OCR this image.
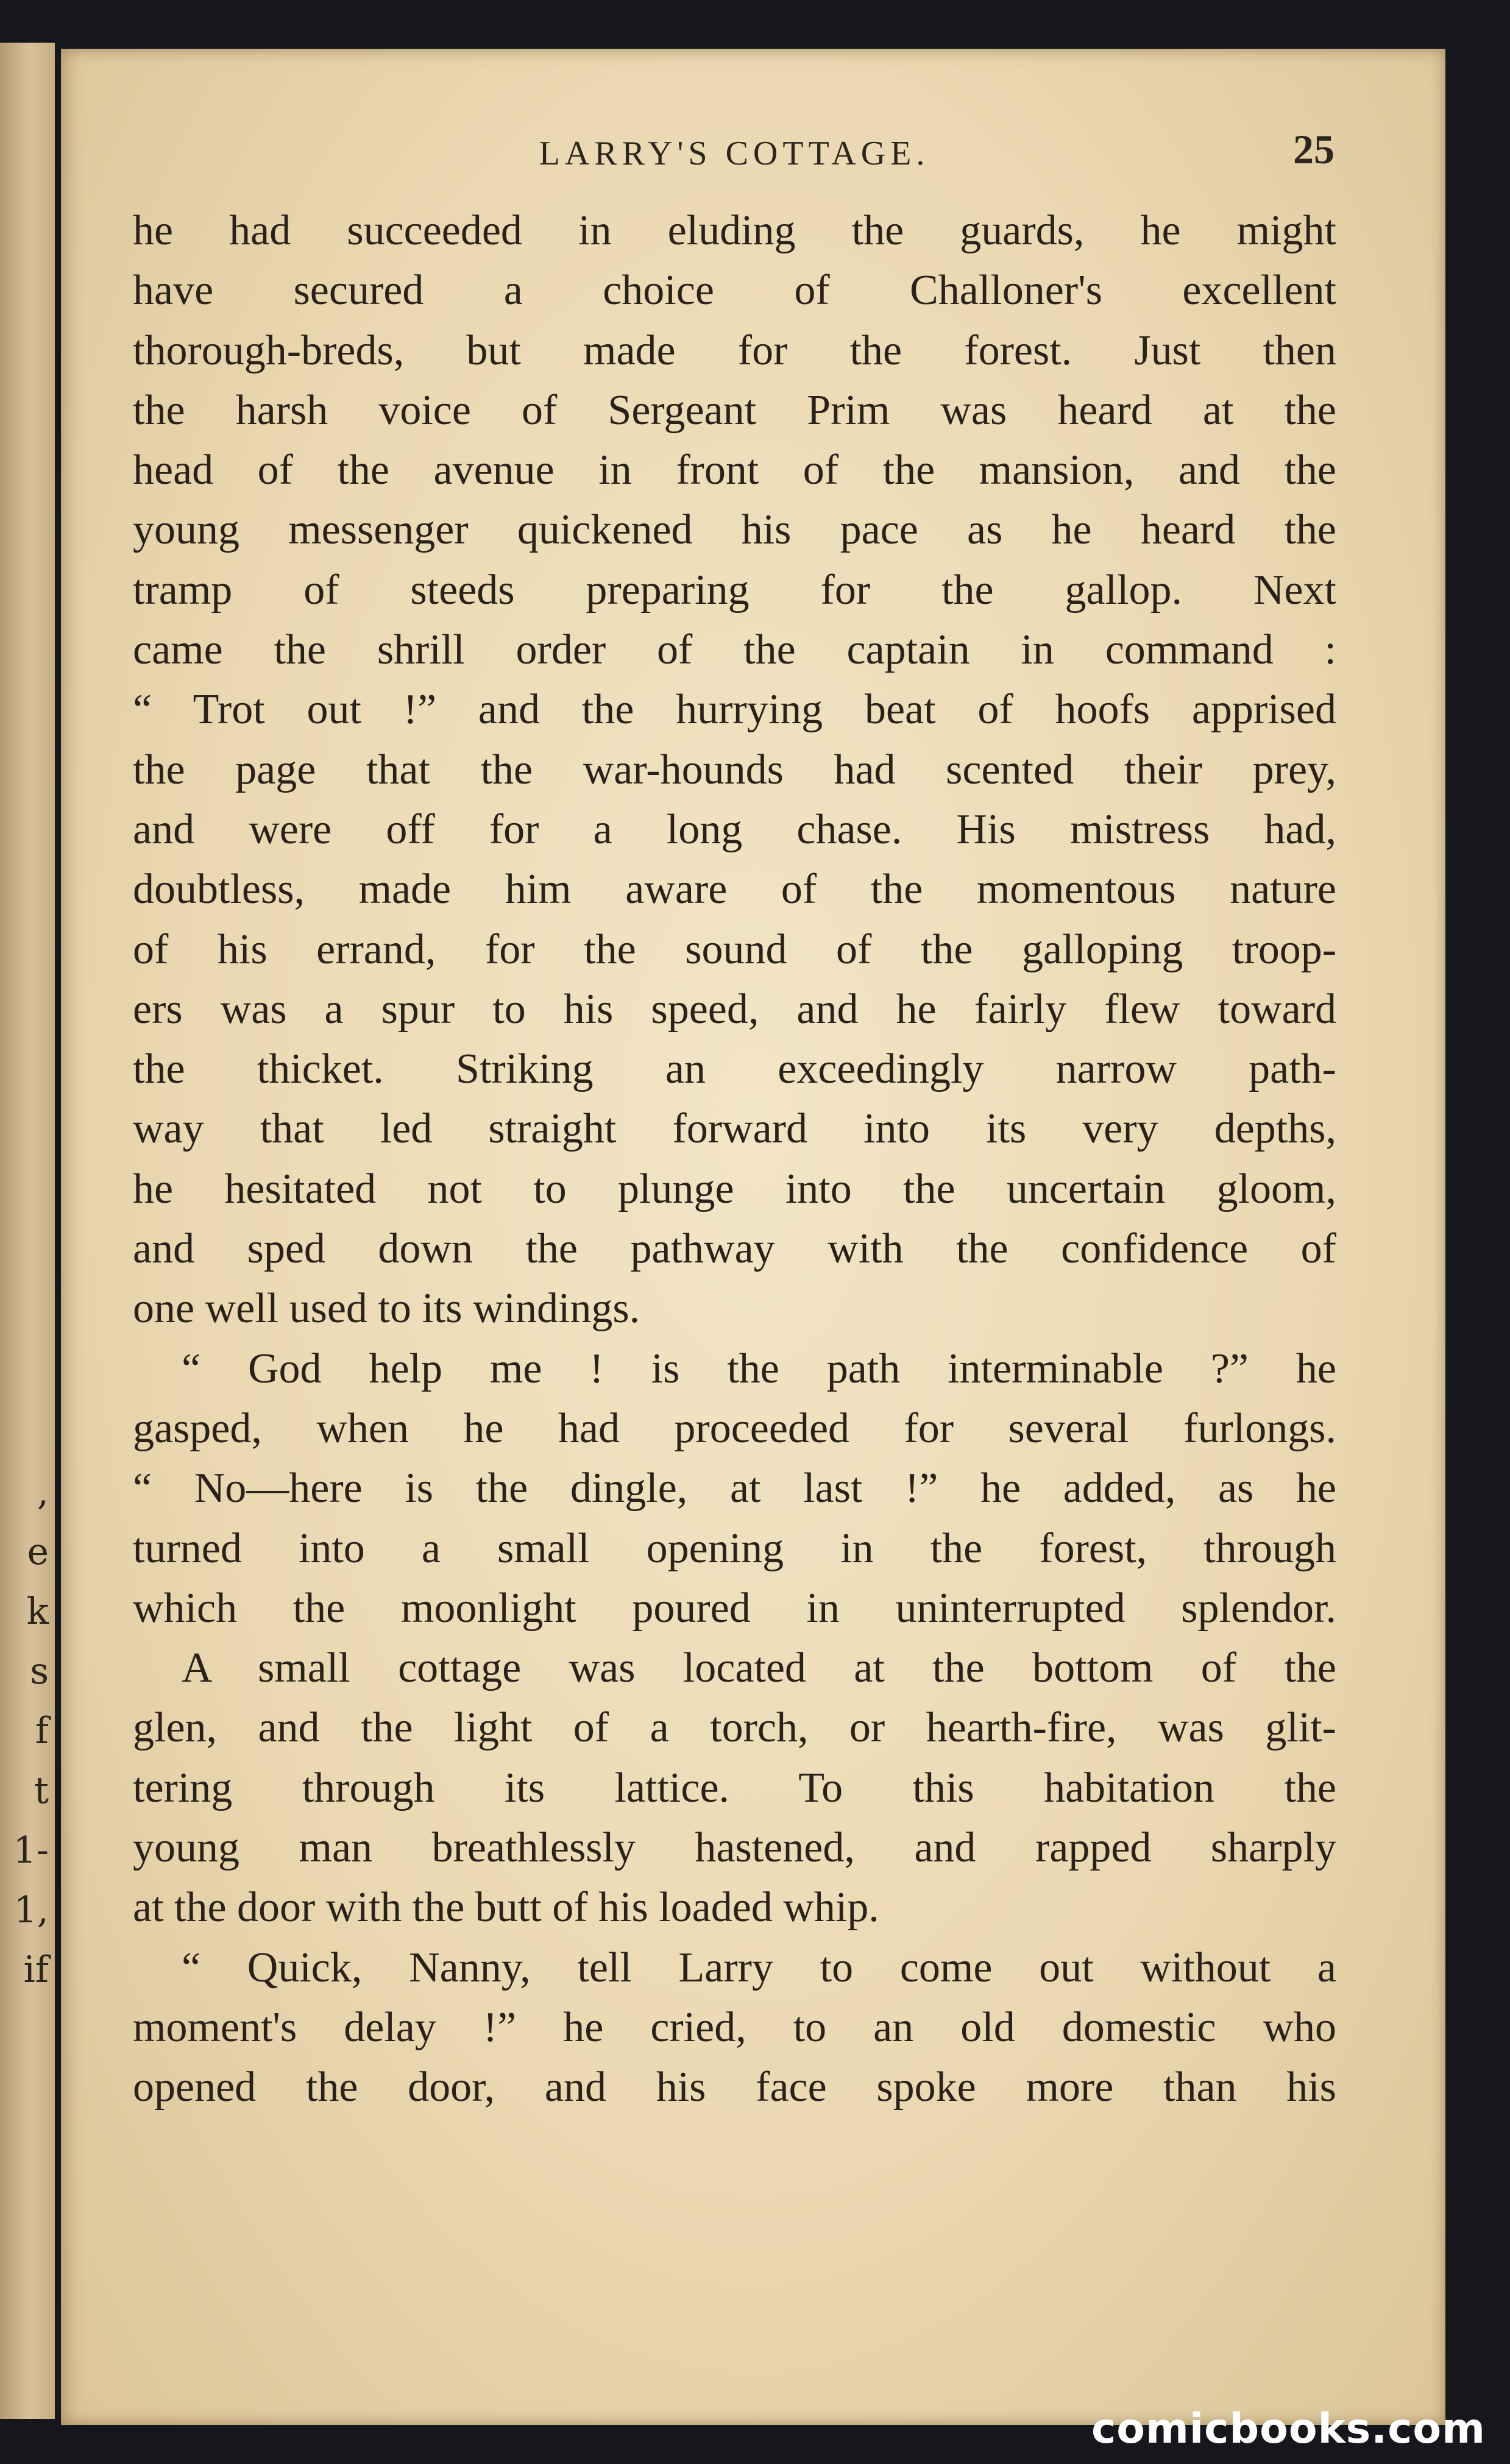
,
e
k
s
f
t
1-
1,
if
LARRY'S COTTAGE.	25
he had succeeded in eluding the guards, he might
have secured a choice of Challoner's excellent
thorough-breds, but made for the forest. Just then
the harsh voice of Sergeant Prim was heard at the
head of the avenue in front of the mansion, and the
young messenger quickened his pace as he heard the
tramp of steeds preparing for the gallop. Next
came the shrill order of the captain in command :
“ Trot out !” and the hurrying beat of hoofs apprised
the page that the war-hounds had scented their prey,
and were off for a long chase. His mistress had,
doubtless, made him aware of the momentous nature
of his errand, for the sound of the galloping troop-
ers was a spur to his speed, and he fairly flew toward
the thicket. Striking an exceedingly narrow path-
way that led straight forward into its very depths,
he hesitated not to plunge into the uncertain gloom,
and sped down the pathway with the confidence of
one well used to its windings.
“ God help me ! is the path interminable ?” he
gasped, when he had proceeded for several furlongs.
“ No—here is the dingle, at last !” he added, as he
turned into a small opening in the forest, through
which the moonlight poured in uninterrupted splendor.
A small cottage was located at the bottom of the
glen, and the light of a torch, or hearth-fire, was glit-
tering through its lattice. To this habitation the
young man breathlessly hastened, and rapped sharply
at the door with the butt of his loaded whip.
“ Quick, Nanny, tell Larry to come out without a
moment's delay !” he cried, to an old domestic who
opened the door, and his face spoke more than his
comicbooks.com
